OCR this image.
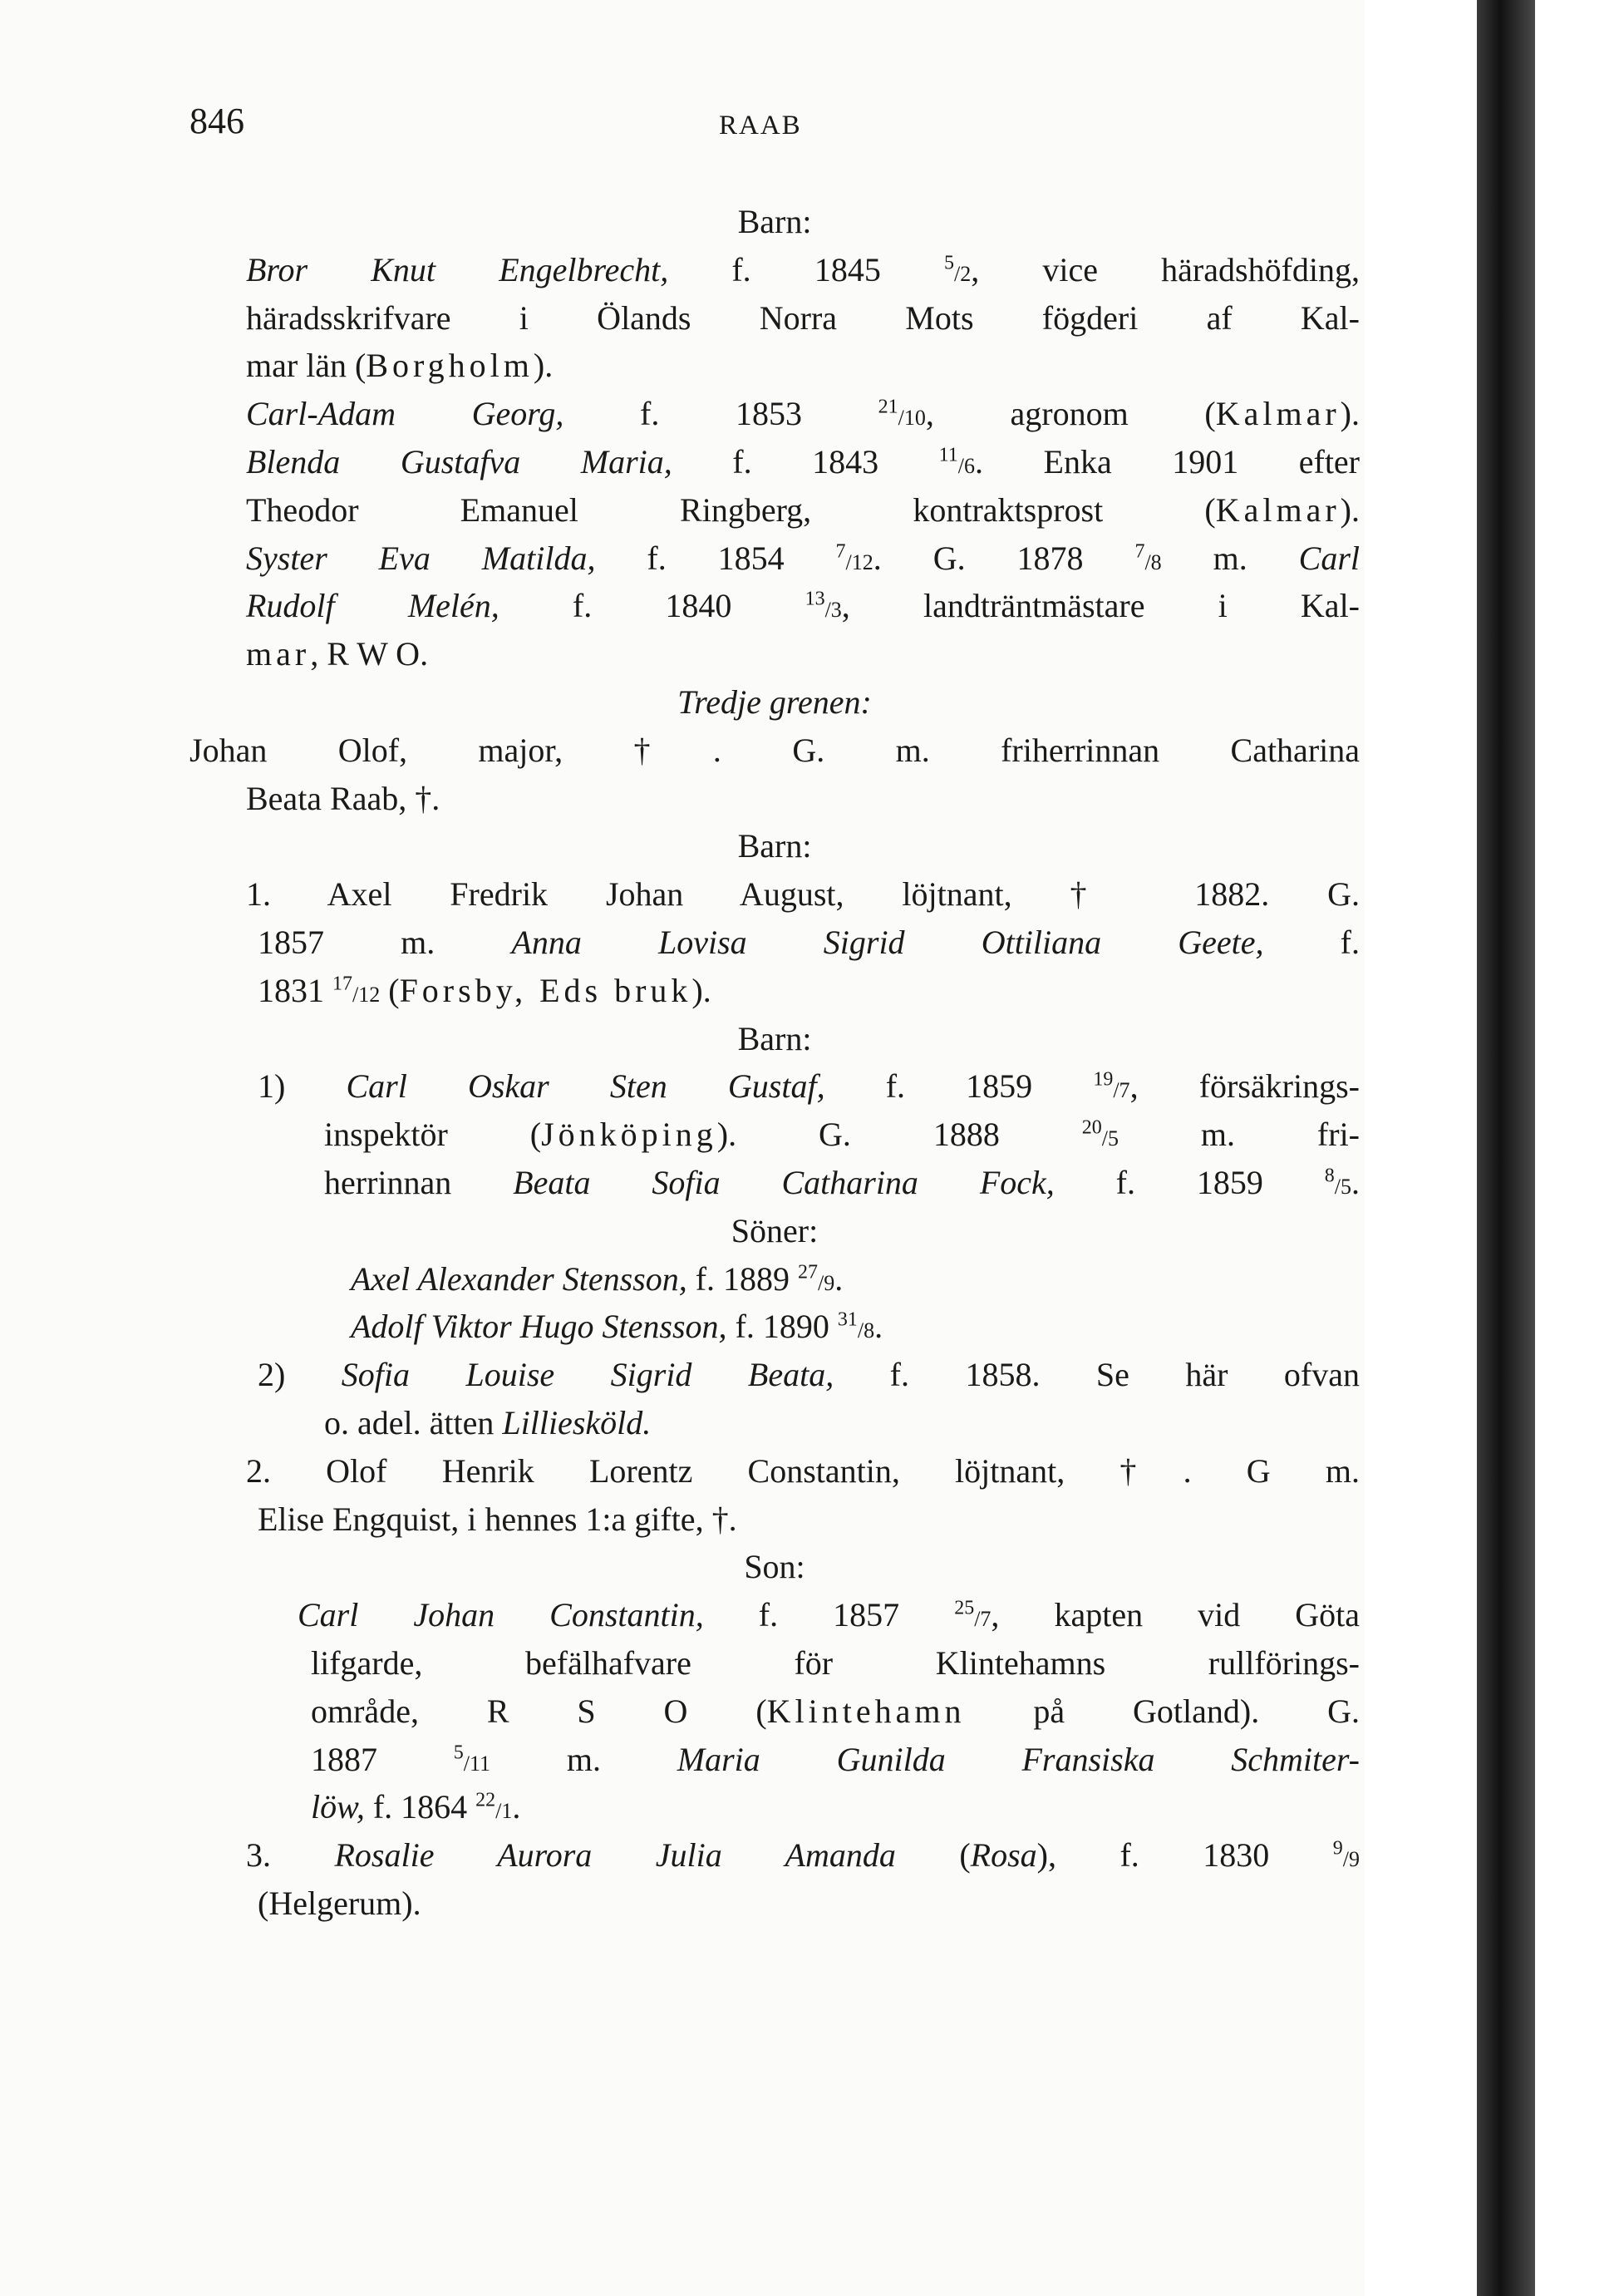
846	RAAB
Barn:
Bror Knut Engelbrecht, f. 1845 $^5$/2, vice häradshöfding,
häradsskrifvare i Ölands Norra Mots fögderi af Kal-
mar län (Borgholm).
Carl-Adam Georg, f. 1853 $^{21}$/10, agronom (Kalmar).
Blenda Gustafva Maria, f. 1843 $^{11}$/6. Enka 1901 efter
Theodor Emanuel Ringberg, kontraktsprost (Kalmar).
Syster Eva Matilda, f. 1854 $^7$/12. G. 1878 $^7$/8 m. Carl
Rudolf Melén, f. 1840 $^{13}$/3, landträntmästare i Kal-
mar, R W O.
Tredje grenen:
Johan Olof, major, †. G. m. friherrinnan Catharina
Beata Raab, †.
Barn:
1. Axel Fredrik Johan August, löjtnant, † 1882. G.
1857 m. Anna Lovisa Sigrid Ottiliana Geete, f.
1831 $^{17}$/12 (Forsby, Eds bruk).
Barn:
1) Carl Oskar Sten Gustaf, f. 1859 $^{19}$/7, försäkrings-
inspektör (Jönköping). G. 1888 $^{20}$/5 m. fri-
herrinnan Beata Sofia Catharina Fock, f. 1859 $^8$/5.
Söner:
Axel Alexander Stensson, f. 1889 $^{27}$/9.
Adolf Viktor Hugo Stensson, f. 1890 $^{31}$/8.
2) Sofia Louise Sigrid Beata, f. 1858. Se här ofvan
o. adel. ätten Lilliesköld.
2. Olof Henrik Lorentz Constantin, löjtnant, †. G m.
Elise Engquist, i hennes 1:a gifte, †.
Son:
Carl Johan Constantin, f. 1857 $^{25}$/7, kapten vid Göta
lifgarde, befälhafvare för Klintehamns rullförings-
område, R S O (Klintehamn på Gotland). G.
1887 $^5$/11 m. Maria Gunilda Fransiska Schmiter-
löw, f. 1864 $^{22}$/1.
3. Rosalie Aurora Julia Amanda (Rosa), f. 1830 $^9$/9
(Helgerum).
